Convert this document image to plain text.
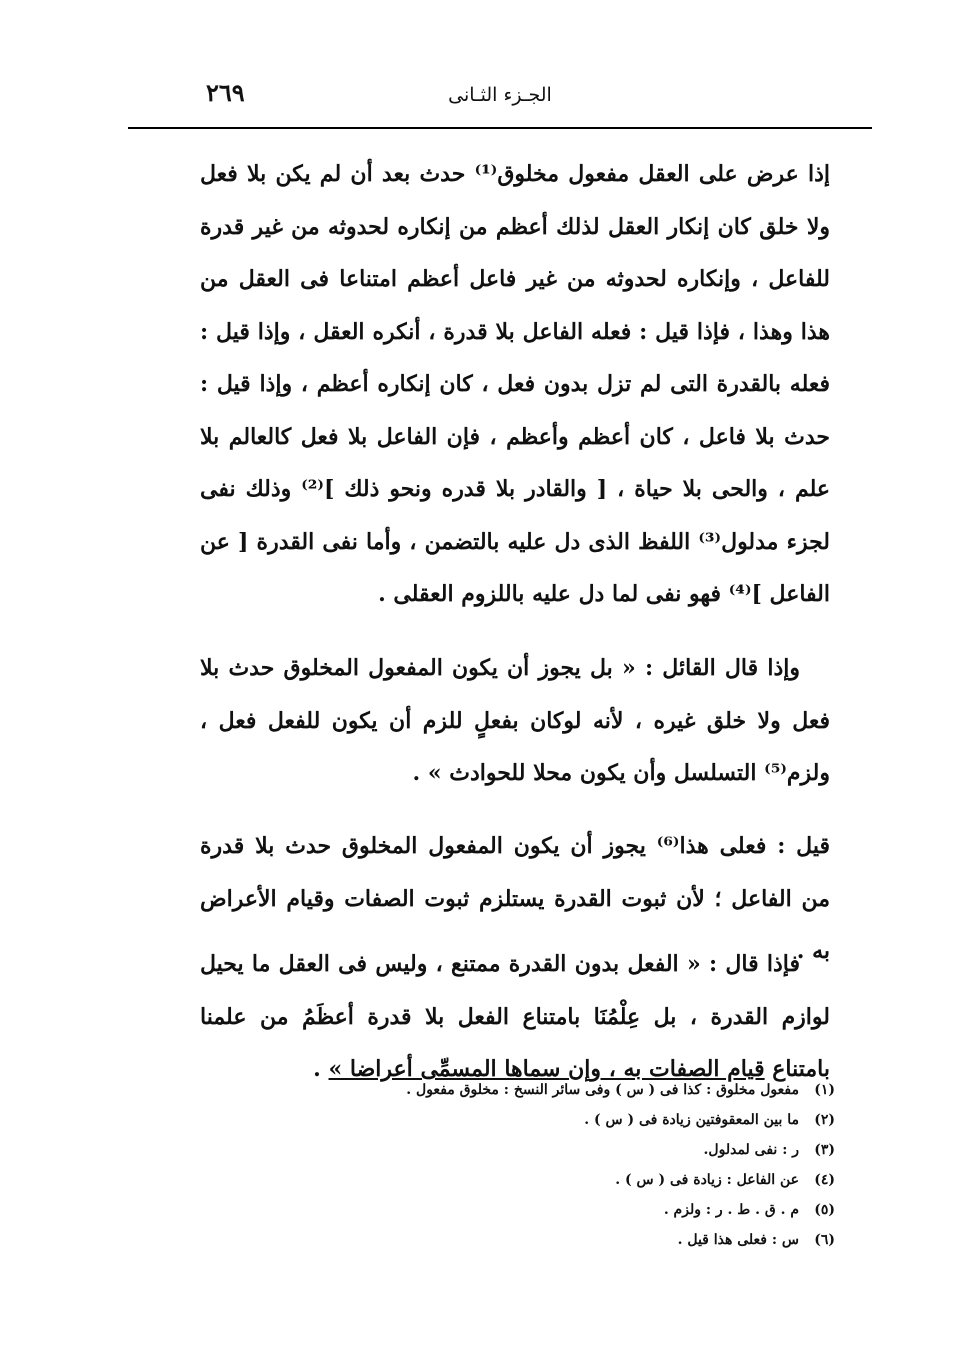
٢٦٩	الجـزء الثـانى

إذا عرض على العقل مفعول مخلوق⁽¹⁾ حدث بعد أن لم يكن بلا فعل ولا خلق كان إنكار العقل لذلك أعظم من إنكاره لحدوثه من غير قدرة للفاعل ، وإنكاره لحدوثه من غير فاعل أعظم امتناعا فى العقل من هذا وهذا ، فإذا قيل : فعله الفاعل بلا قدرة ، أنكره العقل ، وإذا قيل : فعله بالقدرة التى لم تزل بدون فعل ، كان إنكاره أعظم ، وإذا قيل : حدث بلا فاعل ، كان أعظم وأعظم ، فإن الفاعل بلا فعل كالعالم بلا علم ، والحى بلا حياة ، [ والقادر بلا قدره ونحو ذلك ]⁽²⁾ وذلك نفى لجزء مدلول⁽³⁾ اللفظ الذى دل عليه بالتضمن ، وأما نفى القدرة [ عن الفاعل ]⁽⁴⁾ فهو نفى لما دل عليه باللزوم العقلى .

وإذا قال القائل : « بل يجوز أن يكون المفعول المخلوق حدث بلا فعل ولا خلق غيره ، لأنه لوكان بفعلٍ للزم أن يكون للفعل فعل ، ولزم⁽⁵⁾ التسلسل وأن يكون محلا للحوادث » .

قيل : فعلى هذا⁽⁶⁾ يجوز أن يكون المفعول المخلوق حدث بلا قدرة من الفاعل ؛ لأن ثبوت القدرة يستلزم ثبوت الصفات وقيام الأعراض به .

فإذا قال : « الفعل بدون القدرة ممتنع ، وليس فى العقل ما يحيل لوازم القدرة ، بل عِلْمُنَا بامتناع الفعل بلا قدرة أعظَمُ من علمنا بامتناع قيام الصفات به ، وإن سماها المسمِّى أعراضا » .

(١)مفعول مخلوق : كذا فى ( س ) وفى سائر النسخ : مخلوق مفعول .
(٢)ما بين المعقوفتين زيادة فى ( س ) .
(٣)ر : نفى لمدلول.
(٤)عن الفاعل : زيادة فى ( س ) .
(٥)م . ق . ط . ر : ولزم .
(٦)س : فعلى هذا قيل .
